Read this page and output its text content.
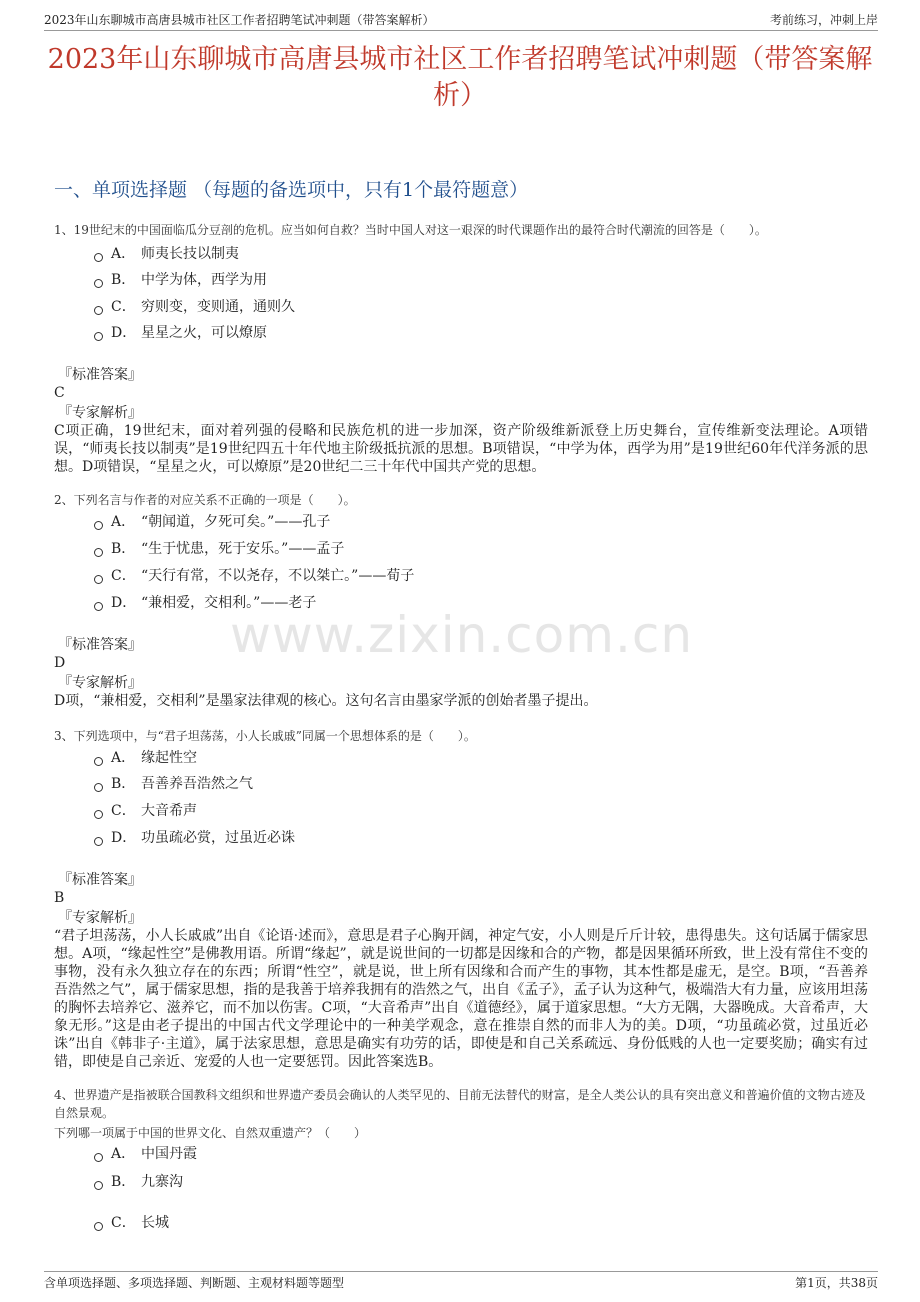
2023年山东聊城市高唐县城市社区工作者招聘笔试冲刺题（带答案解析）	考前练习，冲刺上岸
2023年山东聊城市高唐县城市社区工作者招聘笔试冲刺题（带答案解析）
一、单项选择题 （每题的备选项中，只有1个最符题意）
www.zixin.com.cn
1、19世纪末的中国面临瓜分豆剖的危机。应当如何自救？当时中国人对这一艰深的时代课题作出的最符合时代潮流的回答是（　　）。
A． 师夷长技以制夷
B． 中学为体，西学为用
C． 穷则变，变则通，通则久
D． 星星之火，可以燎原
『标准答案』
C
『专家解析』
C项正确，19世纪末，面对着列强的侵略和民族危机的进一步加深，资产阶级维新派登上历史舞台，宣传维新变法理论。A项错误，“师夷长技以制夷”是19世纪四五十年代地主阶级抵抗派的思想。B项错误，“中学为体，西学为用”是19世纪60年代洋务派的思想。D项错误，“星星之火，可以燎原”是20世纪二三十年代中国共产党的思想。
2、下列名言与作者的对应关系不正确的一项是（　　）。
A． “朝闻道，夕死可矣。”——孔子
B． “生于忧患，死于安乐。”——孟子
C． “天行有常，不以尧存，不以桀亡。”——荀子
D． “兼相爱，交相利。”——老子
『标准答案』
D
『专家解析』
D项，“兼相爱，交相利”是墨家法律观的核心。这句名言由墨家学派的创始者墨子提出。
3、下列选项中，与“君子坦荡荡，小人长戚戚”同属一个思想体系的是（　　）。
A． 缘起性空
B． 吾善养吾浩然之气
C． 大音希声
D． 功虽疏必赏，过虽近必诛
『标准答案』
B
『专家解析』
“君子坦荡荡，小人长戚戚”出自《论语·述而》，意思是君子心胸开阔，神定气安，小人则是斤斤计较，患得患失。这句话属于儒家思想。A项，“缘起性空”是佛教用语。所谓“缘起”，就是说世间的一切都是因缘和合的产物，都是因果循环所致，世上没有常住不变的事物，没有永久独立存在的东西；所谓“性空”，就是说，世上所有因缘和合而产生的事物，其本性都是虚无，是空。B项，“吾善养吾浩然之气”，属于儒家思想，指的是我善于培养我拥有的浩然之气，出自《孟子》，孟子认为这种气，极端浩大有力量，应该用坦荡的胸怀去培养它、滋养它，而不加以伤害。C项，“大音希声”出自《道德经》，属于道家思想。“大方无隅，大器晚成。大音希声，大象无形。”这是由老子提出的中国古代文学理论中的一种美学观念，意在推崇自然的而非人为的美。D项，“功虽疏必赏，过虽近必诛”出自《韩非子·主道》，属于法家思想，意思是确实有功劳的话，即使是和自己关系疏远、身份低贱的人也一定要奖励；确实有过错，即使是自己亲近、宠爱的人也一定要惩罚。因此答案选B。
4、世界遗产是指被联合国教科文组织和世界遗产委员会确认的人类罕见的、目前无法替代的财富，是全人类公认的具有突出意义和普遍价值的文物古迹及自然景观。
下列哪一项属于中国的世界文化、自然双重遗产？（　　）
A． 中国丹霞
B． 九寨沟
C． 长城
含单项选择题、多项选择题、判断题、主观材料题等题型	第1页，共38页
